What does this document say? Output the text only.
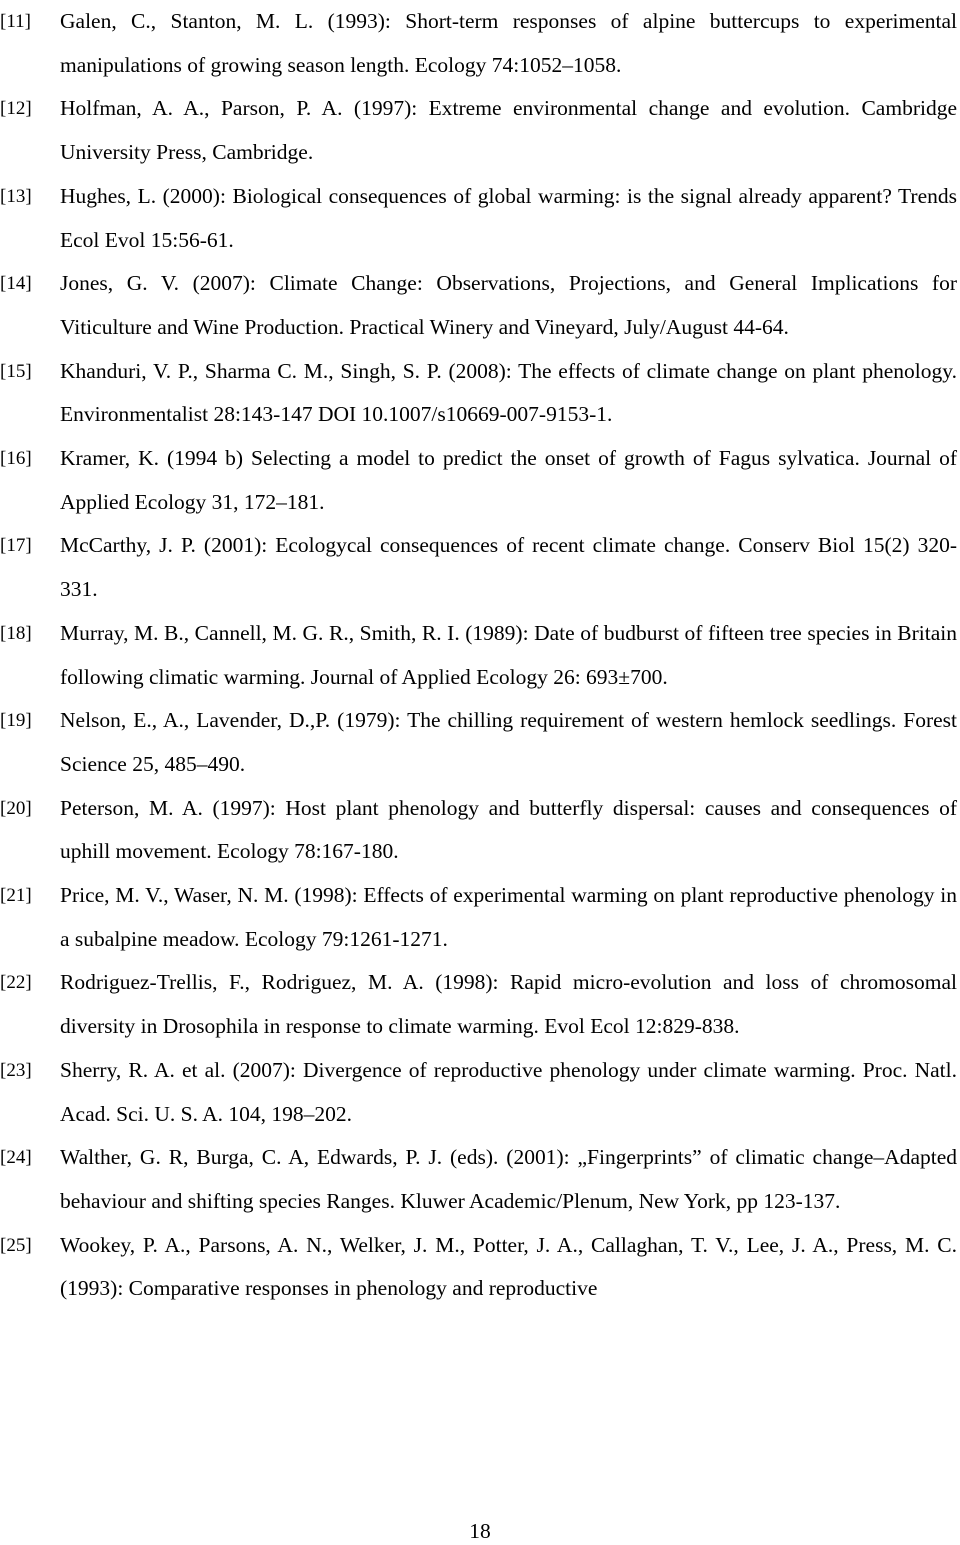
[11]	Galen, C., Stanton, M. L. (1993): Short-term responses of alpine buttercups to experimental manipulations of growing season length. Ecology 74:1052–1058.
[12]	Holfman, A. A., Parson, P. A. (1997): Extreme environmental change and evolution. Cambridge University Press, Cambridge.
[13]	Hughes, L. (2000): Biological consequences of global warming: is the signal already apparent? Trends Ecol Evol 15:56-61.
[14]	Jones, G. V. (2007): Climate Change: Observations, Projections, and General Implications for Viticulture and Wine Production. Practical Winery and Vineyard, July/August 44-64.
[15]	Khanduri, V. P., Sharma C. M., Singh, S. P. (2008): The effects of climate change on plant phenology. Environmentalist 28:143-147 DOI 10.1007/s10669-007-9153-1.
[16]	Kramer, K. (1994 b) Selecting a model to predict the onset of growth of Fagus sylvatica. Journal of Applied Ecology 31, 172–181.
[17]	McCarthy, J. P. (2001): Ecologycal consequences of recent climate change. Conserv Biol 15(2) 320-331.
[18]	Murray, M. B., Cannell, M. G. R., Smith, R. I. (1989): Date of budburst of fifteen tree species in Britain following climatic warming. Journal of Applied Ecology 26: 693±700.
[19]	Nelson, E., A., Lavender, D.,P. (1979): The chilling requirement of western hemlock seedlings. Forest Science 25, 485–490.
[20]	Peterson, M. A. (1997): Host plant phenology and butterfly dispersal: causes and consequences of uphill movement. Ecology 78:167-180.
[21]	Price, M. V., Waser, N. M. (1998): Effects of experimental warming on plant reproductive phenology in a subalpine meadow. Ecology 79:1261-1271.
[22]	Rodriguez-Trellis, F., Rodriguez, M. A. (1998): Rapid micro-evolution and loss of chromosomal diversity in Drosophila in response to climate warming. Evol Ecol 12:829-838.
[23]	Sherry, R. A. et al. (2007): Divergence of reproductive phenology under climate warming. Proc. Natl. Acad. Sci. U. S. A. 104, 198–202.
[24]	Walther, G. R, Burga, C. A, Edwards, P. J. (eds). (2001): „Fingerprints” of climatic change–Adapted behaviour and shifting species Ranges. Kluwer Academic/Plenum, New York, pp 123-137.
[25]	Wookey, P. A., Parsons, A. N., Welker, J. M., Potter, J. A., Callaghan, T. V., Lee, J. A., Press, M. C. (1993): Comparative responses in phenology and reproductive
18
